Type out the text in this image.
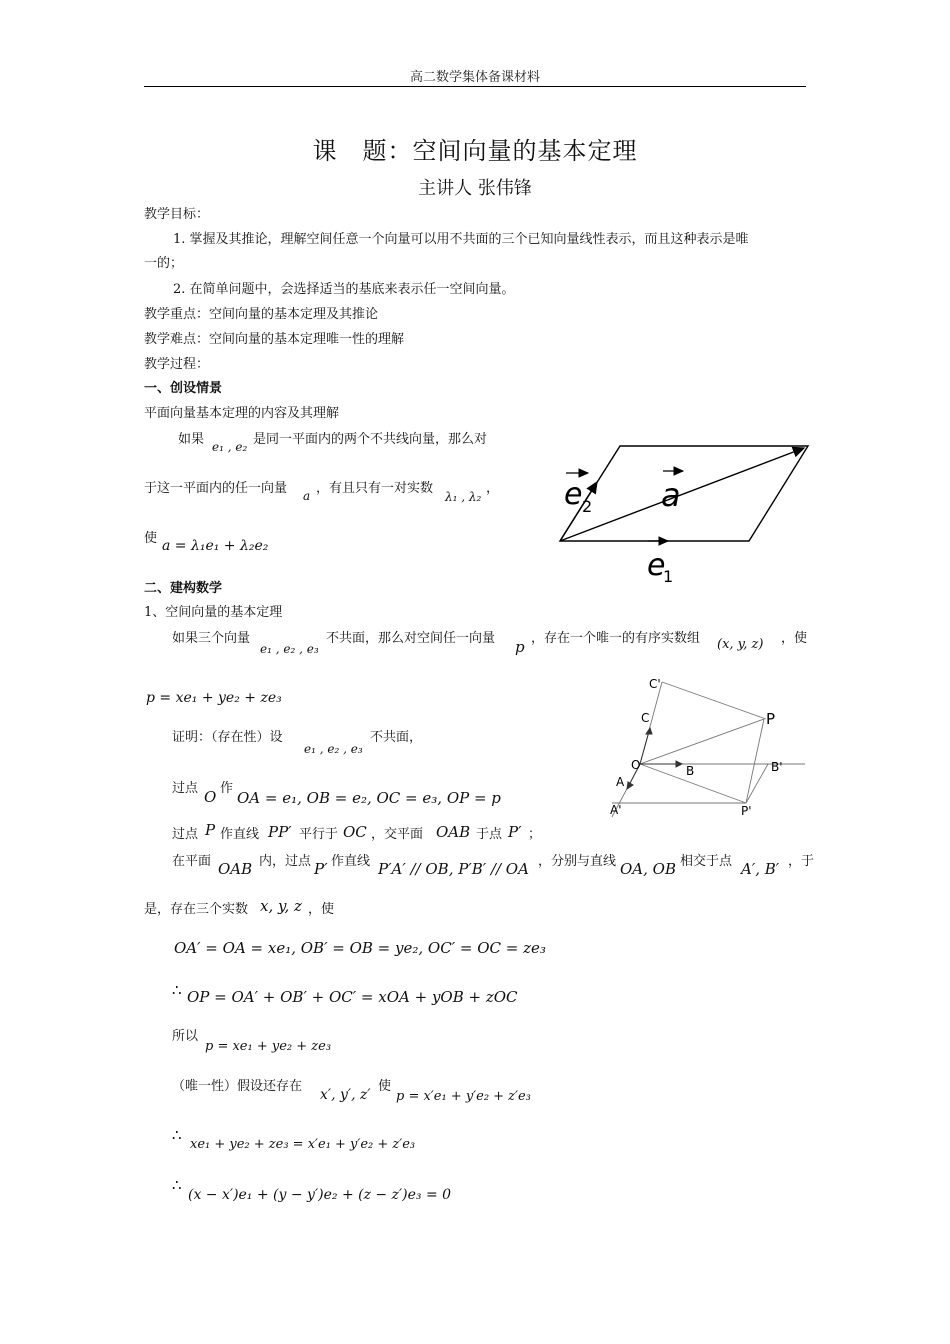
高二数学集体备课材料
课　题：空间向量的基本定理
主讲人 张伟锋
教学目标：
1. 掌握及其推论，理解空间任意一个向量可以用不共面的三个已知向量线性表示，而且这种表示是唯
一的；
2. 在简单问题中，会选择适当的基底来表示任一空间向量。
教学重点：空间向量的基本定理及其推论
教学难点：空间向量的基本定理唯一性的理解
教学过程：
一、创设情景
平面向量基本定理的内容及其理解
如果 e₁ , e₂ 是同一平面内的两个不共线向量，那么对
于这一平面内的任一向量 a ，有且只有一对实数
λ₁ , λ₂
，
使 a = λ₁e₁ + λ₂e₂
e 2 a
e
1
二、建构数学
1、空间向量的基本定理
如果三个向量
e₁ , e₂ , e₃
不共面，那么对空间任一向量 p ，存在一个唯一的有序实数组 (x, y, z) ，使
p = xe₁ + ye₂ + ze₃
证明：（存在性）设
e₁ , e₂ , e₃
不共面，
过点 O 作
OA = e₁, OB = e₂, OC = e₃, OP = p
过点 P 作直线 PP′ 平行于 OC ，交平面 OAB 于点 P′ ；
在平面 OAB 内，过点 P′ 作直线 P′A′ // OB, P′B′ // OA ，分别与直线 OA, OB 相交于点 A′, B′ ，于
是，存在三个实数 x, y, z ，使
OA′ = OA = xe₁, OB′ = OB = ye₂, OC′ = OC = ze₃
∴ OP = OA′ + OB′ + OC′ = xOA + yOB + zOC
所以
p = xe₁ + ye₂ + ze₃
（唯一性）假设还存在
x′, y′, z′
使
p = x′e₁ + y′e₂ + z′e₃
∴
xe₁ + ye₂ + ze₃ = x′e₁ + y′e₂ + z′e₃
∴
(x − x′)e₁ + (y − y′)e₂ + (z − z′)e₃ = 0
C'
C	P
O	B	B'
A
A'	P'
